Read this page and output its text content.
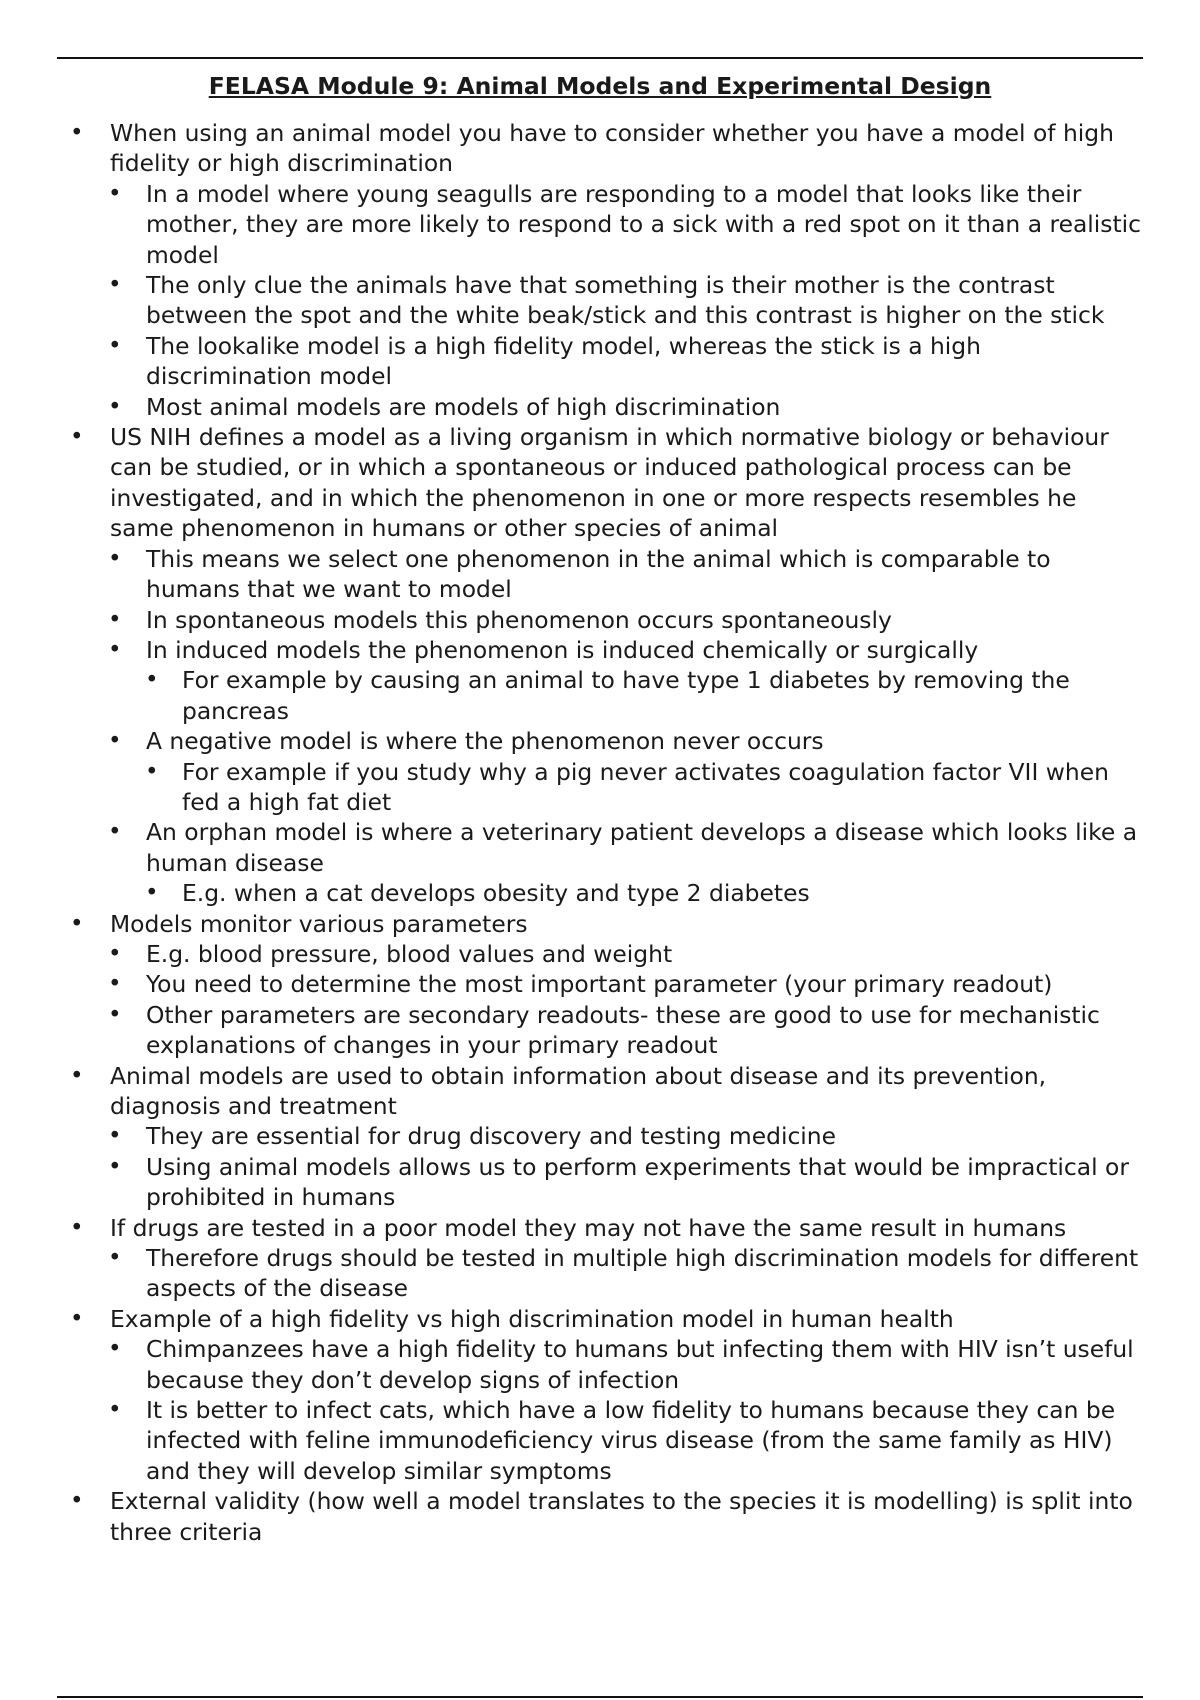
FELASA Module 9: Animal Models and Experimental Design
• When using an animal model you have to consider whether you have a model of high fidelity or high discrimination
• In a model where young seagulls are responding to a model that looks like their mother, they are more likely to respond to a sick with a red spot on it than a realistic model
• The only clue the animals have that something is their mother is the contrast between the spot and the white beak/stick and this contrast is higher on the stick
• The lookalike model is a high fidelity model, whereas the stick is a high discrimination model
• Most animal models are models of high discrimination
• US NIH defines a model as a living organism in which normative biology or behaviour can be studied, or in which a spontaneous or induced pathological process can be investigated, and in which the phenomenon in one or more respects resembles he same phenomenon in humans or other species of animal
• This means we select one phenomenon in the animal which is comparable to humans that we want to model
• In spontaneous models this phenomenon occurs spontaneously
• In induced models the phenomenon is induced chemically or surgically
• For example by causing an animal to have type 1 diabetes by removing the pancreas
• A negative model is where the phenomenon never occurs
• For example if you study why a pig never activates coagulation factor VII when fed a high fat diet
• An orphan model is where a veterinary patient develops a disease which looks like a human disease
• E.g. when a cat develops obesity and type 2 diabetes
• Models monitor various parameters
• E.g. blood pressure, blood values and weight
• You need to determine the most important parameter (your primary readout)
• Other parameters are secondary readouts- these are good to use for mechanistic explanations of changes in your primary readout
• Animal models are used to obtain information about disease and its prevention, diagnosis and treatment
• They are essential for drug discovery and testing medicine
• Using animal models allows us to perform experiments that would be impractical or prohibited in humans
• If drugs are tested in a poor model they may not have the same result in humans
• Therefore drugs should be tested in multiple high discrimination models for different aspects of the disease
• Example of a high fidelity vs high discrimination model in human health
• Chimpanzees have a high fidelity to humans but infecting them with HIV isn’t useful because they don’t develop signs of infection
• It is better to infect cats, which have a low fidelity to humans because they can be infected with feline immunodeficiency virus disease (from the same family as HIV) and they will develop similar symptoms
• External validity (how well a model translates to the species it is modelling) is split into three criteria
